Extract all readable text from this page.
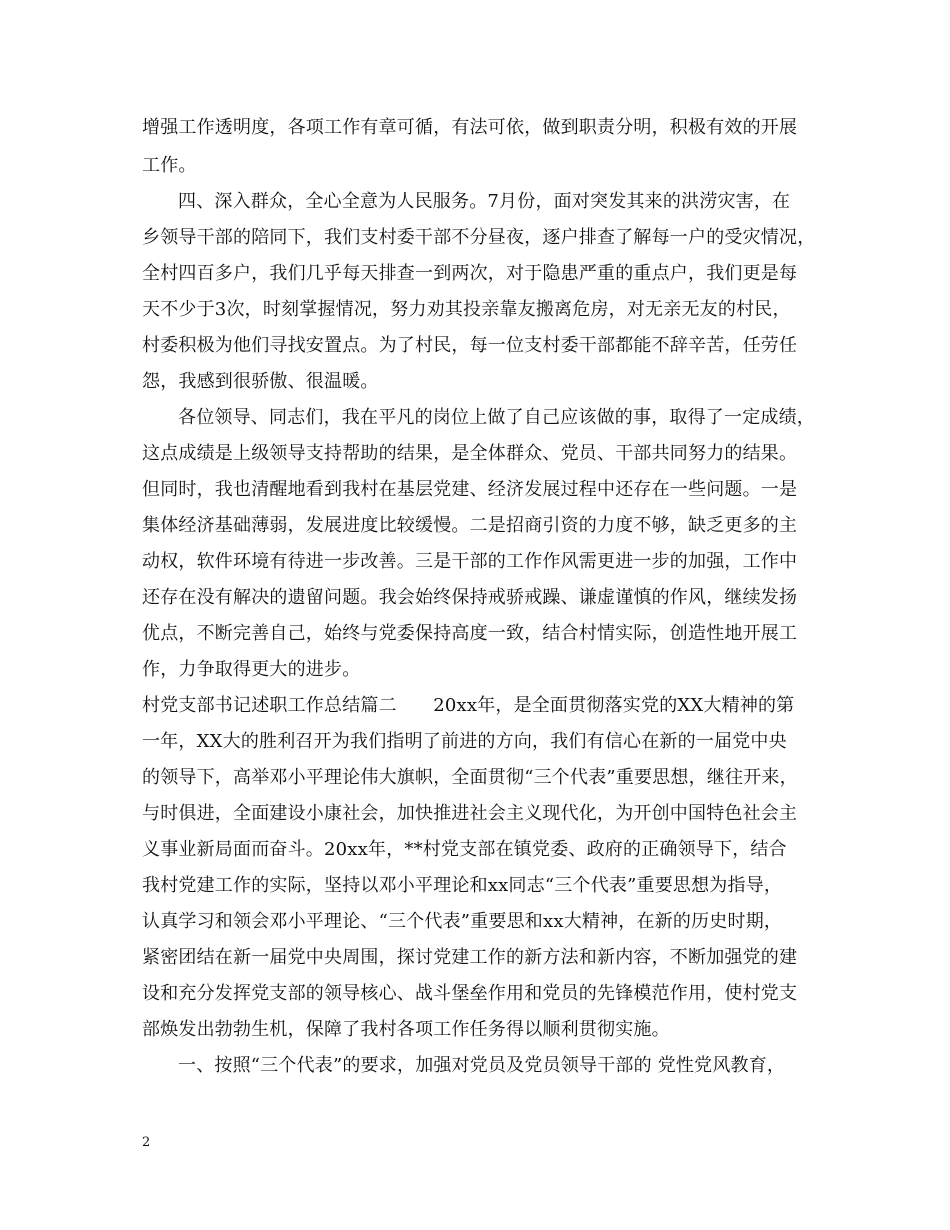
增强工作透明度，各项工作有章可循，有法可依，做到职责分明，积极有效的开展
工作。
四、深入群众，全心全意为人民服务。7月份，面对突发其来的洪涝灾害，在
乡领导干部的陪同下，我们支村委干部不分昼夜，逐户排查了解每一户的受灾情况，
全村四百多户，我们几乎每天排查一到两次，对于隐患严重的重点户，我们更是每
天不少于3次，时刻掌握情况，努力劝其投亲靠友搬离危房，对无亲无友的村民，
村委积极为他们寻找安置点。为了村民，每一位支村委干部都能不辞辛苦，任劳任
怨，我感到很骄傲、很温暖。
各位领导、同志们，我在平凡的岗位上做了自己应该做的事，取得了一定成绩，
这点成绩是上级领导支持帮助的结果，是全体群众、党员、干部共同努力的结果。
但同时，我也清醒地看到我村在基层党建、经济发展过程中还存在一些问题。一是
集体经济基础薄弱，发展进度比较缓慢。二是招商引资的力度不够，缺乏更多的主
动权，软件环境有待进一步改善。三是干部的工作作风需更进一步的加强，工作中
还存在没有解决的遗留问题。我会始终保持戒骄戒躁、谦虚谨慎的作风，继续发扬
优点，不断完善自己，始终与党委保持高度一致，结合村情实际，创造性地开展工
作，力争取得更大的进步。
村党支部书记述职工作总结篇二　　20xx年，是全面贯彻落实党的XX大精神的第
一年，XX大的胜利召开为我们指明了前进的方向，我们有信心在新的一届党中央
的领导下，高举邓小平理论伟大旗帜，全面贯彻“三个代表”重要思想，继往开来，
与时俱进，全面建设小康社会，加快推进社会主义现代化，为开创中国特色社会主
义事业新局面而奋斗。20xx年，**村党支部在镇党委、政府的正确领导下，结合
我村党建工作的实际，坚持以邓小平理论和xx同志“三个代表”重要思想为指导，
认真学习和领会邓小平理论、“三个代表”重要思和xx大精神，在新的历史时期，
紧密团结在新一届党中央周围，探讨党建工作的新方法和新内容，不断加强党的建
设和充分发挥党支部的领导核心、战斗堡垒作用和党员的先锋模范作用，使村党支
部焕发出勃勃生机，保障了我村各项工作任务得以顺利贯彻实施。
一、按照“三个代表”的要求，加强对党员及党员领导干部的 党性党风教育，
2
